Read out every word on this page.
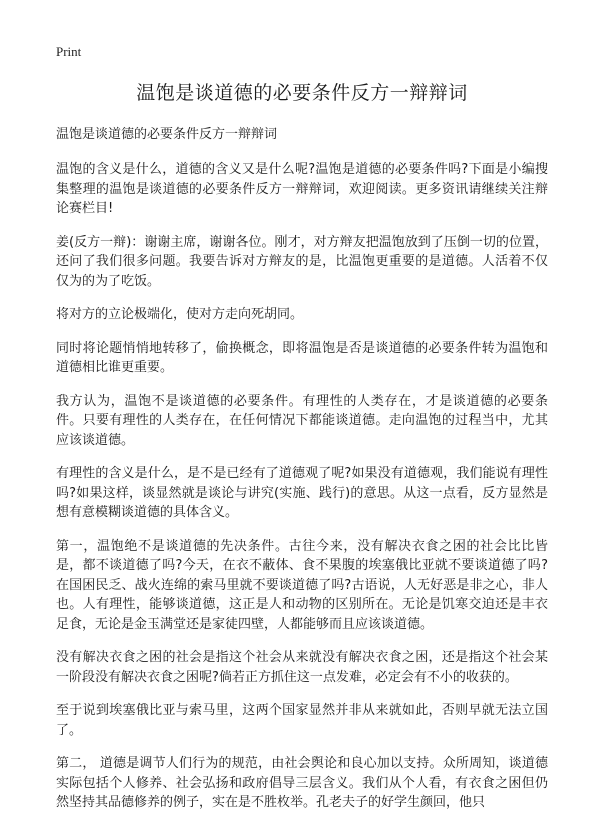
Print
温饱是谈道德的必要条件反方一辩辩词
温饱是谈道德的必要条件反方一辩辩词

温饱的含义是什么，道德的含义又是什么呢?温饱是道德的必要条件吗?下面是小编搜集整理的温饱是谈道德的必要条件反方一辩辩词，欢迎阅读。更多资讯请继续关注辩论赛栏目!

姜(反方一辩)：谢谢主席，谢谢各位。刚才，对方辩友把温饱放到了压倒一切的位置，还问了我们很多问题。我要告诉对方辩友的是，比温饱更重要的是道德。人活着不仅仅为的为了吃饭。

将对方的立论极端化，使对方走向死胡同。

同时将论题悄悄地转移了，偷换概念，即将温饱是否是谈道德的必要条件转为温饱和道德相比谁更重要。

我方认为，温饱不是谈道德的必要条件。有理性的人类存在，才是谈道德的必要条件。只要有理性的人类存在，在任何情况下都能谈道德。走向温饱的过程当中，尤其应该谈道德。

有理性的含义是什么，是不是已经有了道德观了呢?如果没有道德观，我们能说有理性吗?如果这样，谈显然就是谈论与讲究(实施、践行)的意思。从这一点看，反方显然是想有意模糊谈道德的具体含义。

第一，温饱绝不是谈道德的先决条件。古往今来，没有解决衣食之困的社会比比皆是，都不谈道德了吗?今天，在衣不蔽体、食不果腹的埃塞俄比亚就不要谈道德了吗?在国困民乏、战火连绵的索马里就不要谈道德了吗?古语说，人无好恶是非之心，非人也。人有理性，能够谈道德，这正是人和动物的区别所在。无论是饥寒交迫还是丰衣足食，无论是金玉满堂还是家徒四壁，人都能够而且应该谈道德。

没有解决衣食之困的社会是指这个社会从来就没有解决衣食之困，还是指这个社会某一阶段没有解决衣食之困呢?倘若正方抓住这一点发难，必定会有不小的收获的。

至于说到埃塞俄比亚与索马里，这两个国家显然并非从来就如此，否则早就无法立国了。

第二， 道德是调节人们行为的规范，由社会舆论和良心加以支持。众所周知，谈道德实际包括个人修养、社会弘扬和政府倡导三层含义。我们从个人看，有衣食之困但仍然坚持其品德修养的例子，实在是不胜枚举。孔老夫子的好学生颜回，他只
